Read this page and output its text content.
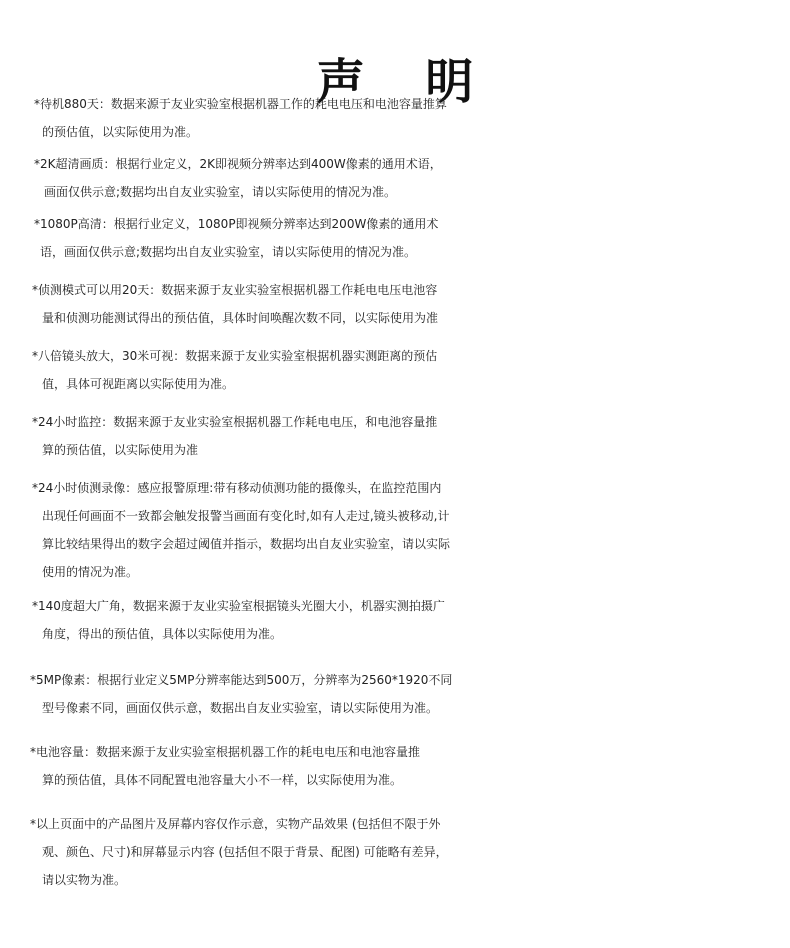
声 明
*待机880天：数据来源于友业实验室根据机器工作的耗电电压和电池容量推算
的预估值，以实际使用为准。
*2K超清画质：根据行业定义，2K即视频分辨率达到400W像素的通用术语，
画面仅供示意;数据均出自友业实验室，请以实际使用的情况为准。
*1080P高清：根据行业定义，1080P即视频分辨率达到200W像素的通用术
语，画面仅供示意;数据均出自友业实验室，请以实际使用的情况为准。
*侦测模式可以用20天：数据来源于友业实验室根据机器工作耗电电压电池容
量和侦测功能测试得出的预估值，具体时间唤醒次数不同，以实际使用为准
*八倍镜头放大，30米可视：数据来源于友业实验室根据机器实测距离的预估
值，具体可视距离以实际使用为准。
*24小时监控：数据来源于友业实验室根据机器工作耗电电压，和电池容量推
算的预估值，以实际使用为准
*24小时侦测录像：感应报警原理:带有移动侦测功能的摄像头，在监控范围内
出现任何画面不一致都会触发报警当画面有变化时,如有人走过,镜头被移动,计
算比较结果得出的数字会超过阈值并指示，数据均出自友业实验室，请以实际
使用的情况为准。
*140度超大广角，数据来源于友业实验室根据镜头光圈大小，机器实测拍摄广
角度，得出的预估值，具体以实际使用为准。
*5MP像素：根据行业定义5MP分辨率能达到500万，分辨率为2560*1920不同
型号像素不同，画面仅供示意，数据出自友业实验室，请以实际使用为准。
*电池容量：数据来源于友业实验室根据机器工作的耗电电压和电池容量推
算的预估值，具体不同配置电池容量大小不一样，以实际使用为准。
*以上页面中的产品图片及屏幕内容仅作示意，实物产品效果 (包括但不限于外
观、颜色、尺寸)和屏幕显示内容 (包括但不限于背景、配图) 可能略有差异，
请以实物为准。
